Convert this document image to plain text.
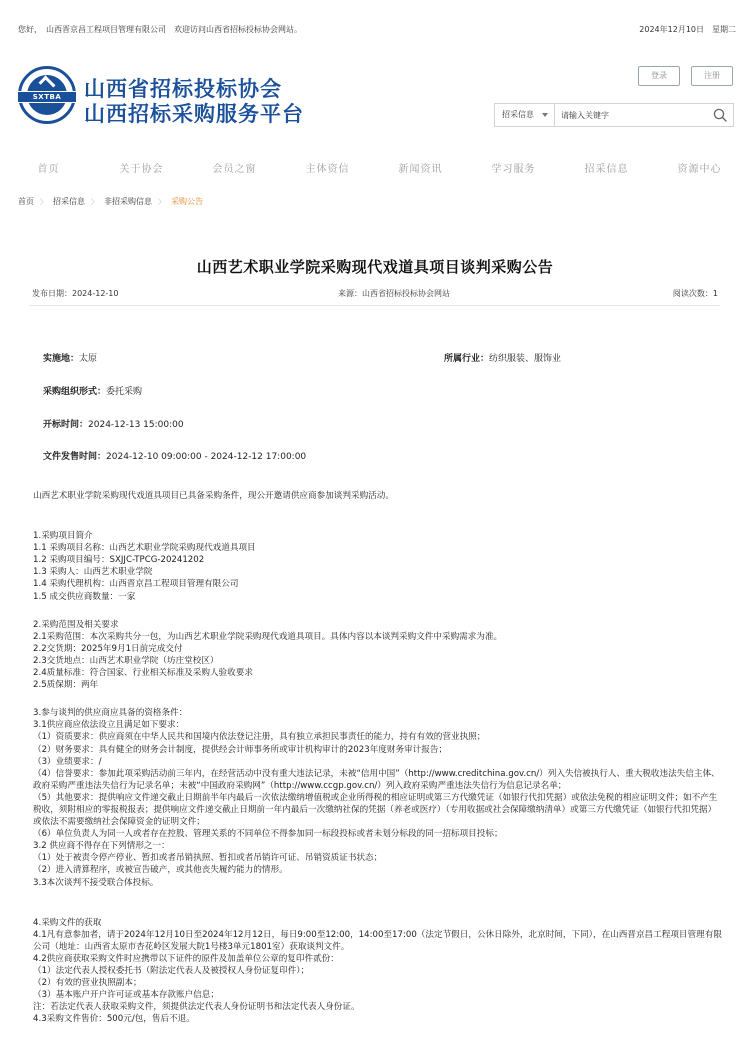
您好，　山西晋京昌工程项目管理有限公司　欢迎访问山西省招标投标协会网站。	2024年12月10日　星期二
SXTBA	山西省招标投标协会
山西招标采购服务平台
登录	注册
招采信息
请输入关键字
首页	关于协会	会员之窗	主体资信	新闻资讯	学习服务	招采信息	资源中心
首页 〉 招采信息 〉 非招采购信息 〉 采购公告
山西艺术职业学院采购现代戏道具项目谈判采购公告
发布日期：2024-12-10	来源：山西省招标投标协会网站	阅读次数：1
实施地：太原	所属行业：纺织服装、服饰业
采购组织形式：委托采购
开标时间：2024-12-13 15:00:00
文件发售时间：2024-12-10 09:00:00 - 2024-12-12 17:00:00

山西艺术职业学院采购现代戏道具项目已具备采购条件，现公开邀请供应商参加谈判采购活动。

1.采购项目简介

1.1 采购项目名称：山西艺术职业学院采购现代戏道具项目

1.2 采购项目编号：SXJJC-TPCG-20241202

1.3 采购人：山西艺术职业学院

1.4 采购代理机构：山西晋京昌工程项目管理有限公司

1.5 成交供应商数量：一家

2.采购范围及相关要求

2.1采购范围：本次采购共分一包，为山西艺术职业学院采购现代戏道具项目。具体内容以本谈判采购文件中采购需求为准。

2.2交货期：2025年9月1日前完成交付

2.3交货地点：山西艺术职业学院（坊庄堂校区）

2.4质量标准：符合国家、行业相关标准及采购人验收要求

2.5质保期：两年

3.参与谈判的供应商应具备的资格条件：

3.1供应商应依法设立且满足如下要求：

（1）资质要求：供应商须在中华人民共和国境内依法登记注册，具有独立承担民事责任的能力，持有有效的营业执照；

（2）财务要求：具有健全的财务会计制度，提供经会计师事务所或审计机构审计的2023年度财务审计报告；

（3）业绩要求：/

（4）信誉要求：参加此项采购活动前三年内，在经营活动中没有重大违法记录，未被“信用中国”（http://www.creditchina.gov.cn/）列入失信被执行人、重大税收违法失信主体、政府采购严重违法失信行为记录名单；未被“中国政府采购网”（http://www.ccgp.gov.cn/）列入政府采购严重违法失信行为信息记录名单；

（5）其他要求：提供响应文件递交截止日期前半年内最后一次依法缴纳增值税或企业所得税的相应证明或第三方代缴凭证（如银行代扣凭据）或依法免税的相应证明文件；如不产生税收，须附相应的零报税报表；提供响应文件递交截止日期前一年内最后一次缴纳社保的凭据（养老或医疗）（专用收据或社会保障缴纳清单）或第三方代缴凭证（如银行代扣凭据）或依法不需要缴纳社会保障资金的证明文件；

（6）单位负责人为同一人或者存在控股、管理关系的不同单位不得参加同一标段投标或者未划分标段的同一招标项目投标；

3.2 供应商不得存在下列情形之一：

（1）处于被责令停产停业、暂扣或者吊销执照、暂扣或者吊销许可证、吊销资质证书状态；

（2）进入清算程序，或被宣告破产，或其他丧失履约能力的情形。

3.3本次谈判不接受联合体投标。

4.采购文件的获取

4.1凡有意参加者，请于2024年12月10日至2024年12月12日，每日9:00至12:00，14:00至17:00（法定节假日，公休日除外，北京时间，下同），在山西晋京昌工程项目管理有限公司（地址：山西省太原市杏花岭区发展大院1号楼3单元1801室）获取谈判文件。

4.2供应商获取采购文件时应携带以下证件的原件及加盖单位公章的复印件贰份：

（1）法定代表人授权委托书（附法定代表人及被授权人身份证复印件）；

（2）有效的营业执照副本；

（3）基本账户开户许可证或基本存款账户信息；

注：若法定代表人获取采购文件，须提供法定代表人身份证明书和法定代表人身份证。

4.3采购文件售价：500元/包，售后不退。
